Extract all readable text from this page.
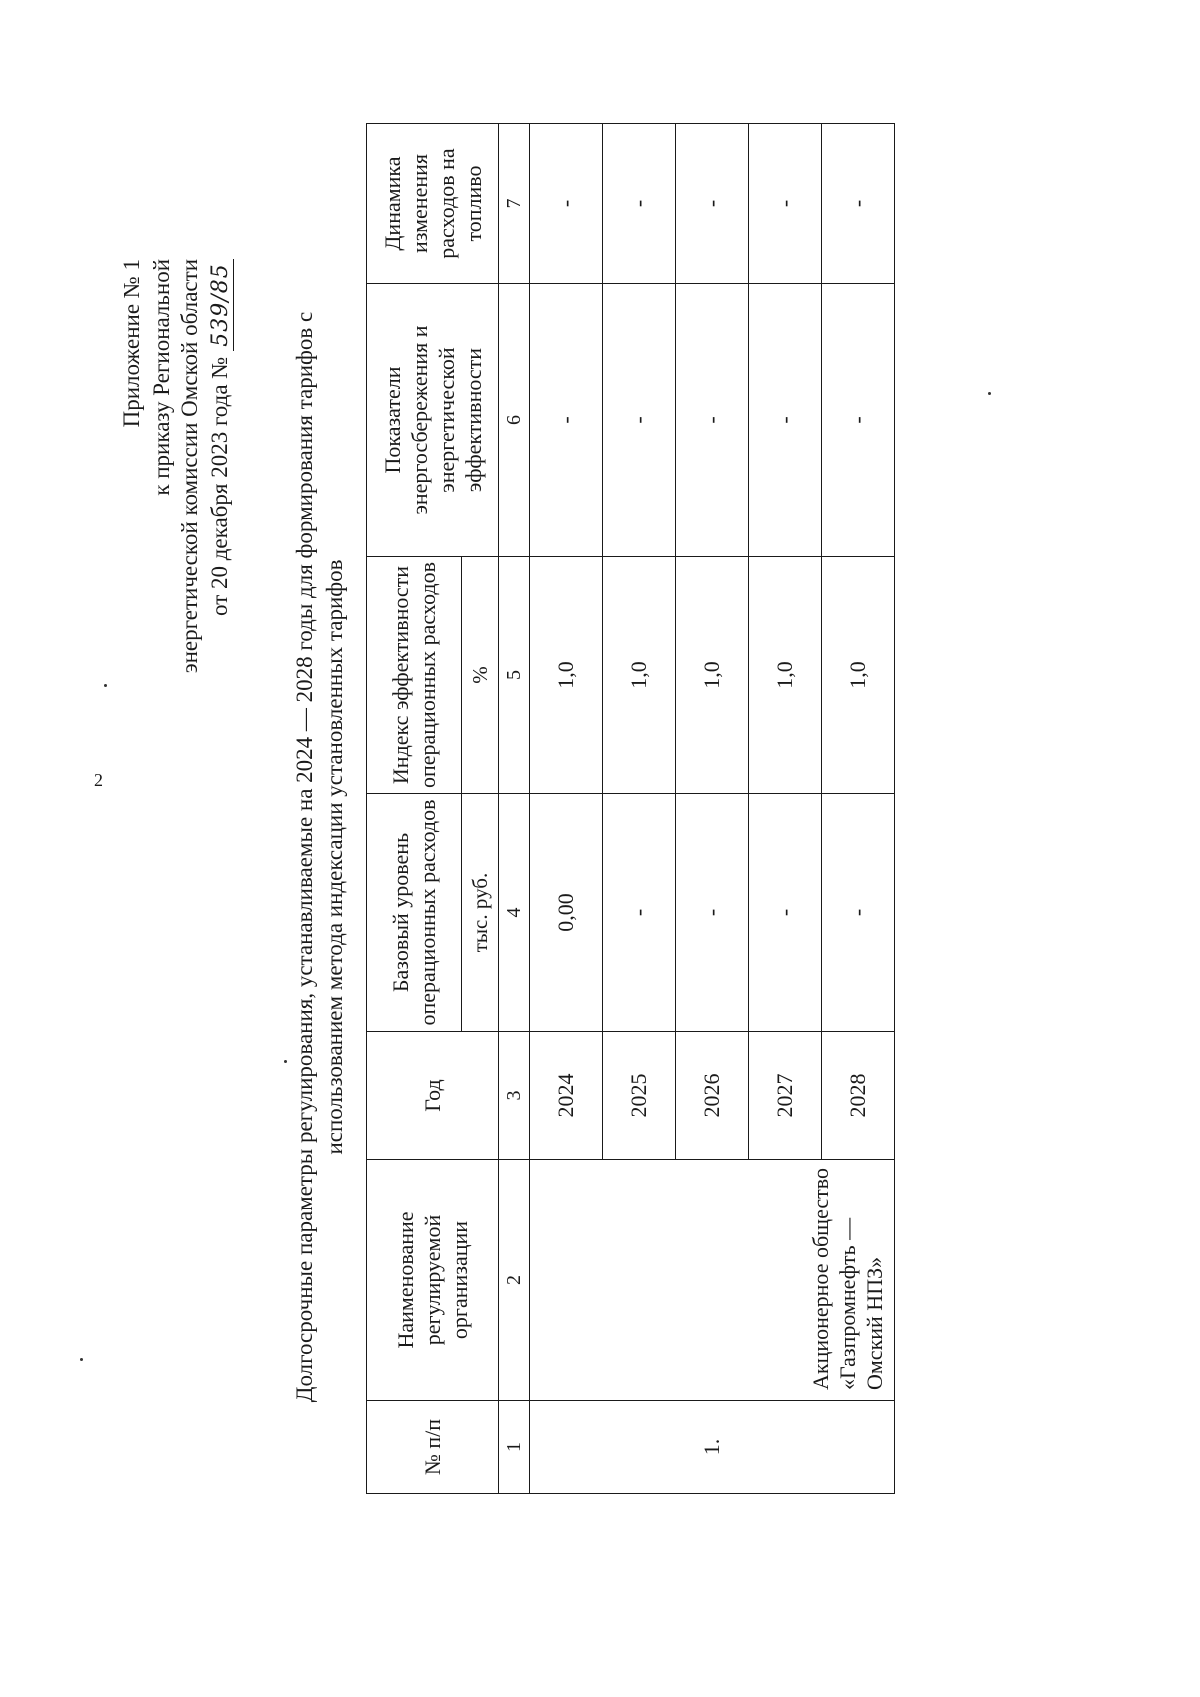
2
Приложение № 1 к приказу Региональной энергетической комиссии Омской области от 20 декабря 2023 года № 539/85
Долгосрочные параметры регулирования, устанавливаемые на 2024 — 2028 годы для формирования тарифов с использованием метода индексации установленных тарифов
№ п/п	Наименование регулируемой организации	Год	Базовый уровень операционных расходов	Индекс эффективности операционных расходов	Показатели энергосбережения и энергетической эффективности	Динамика изменения расходов на топливо
			тыс. руб.	%		
1	2	3	4	5	6	7
1.	Акционерное общество «Газпромнефть — Омский НПЗ»	2024	0,00	1,0	-	-
		2025	-	1,0	-	-
		2026	-	1,0	-	-
		2027	-	1,0	-	-
		2028	-	1,0	-	-
